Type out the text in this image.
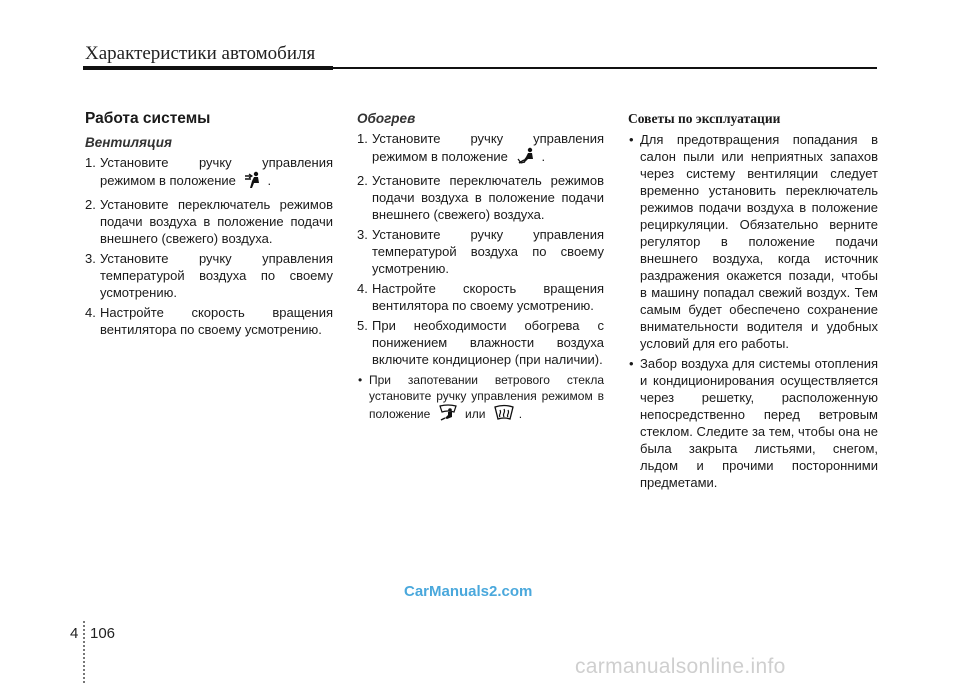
Характеристики автомобиля
Работа системы
Вентиляция
1. Установите ручку управления режимом в положение .
2. Установите переключатель режимов подачи воздуха в положение подачи внешнего (свежего) воздуха.
3. Установите ручку управления температурой воздуха по своему усмотрению.
4. Настройте скорость вращения вентилятора по своему усмотрению.
Обогрев
1. Установите ручку управления режимом в положение	.
2. Установите переключатель режимов подачи воздуха в положение подачи внешнего (свежего) воздуха.
3. Установите ручку управления температурой воздуха по своему усмотрению.
4. Настройте скорость вращения вентилятора по своему усмотрению.
5. При необходимости обогрева с понижением влажности воздуха включите кондиционер (при наличии).
• При запотевании ветрового стекла установите ручку управления режимом в положение	или	.
Советы по эксплуатации
• Для предотвращения попадания в салон пыли или неприятных запахов через систему вентиляции следует временно установить переключатель режимов подачи воздуха в положение рециркуляции. Обязательно верните регулятор в положение подачи внешнего воздуха, когда источник раздражения окажется позади, чтобы в машину попадал свежий воздух. Тем самым будет обеспечено сохранение внимательности водителя и удобных условий для его работы.
• Забор воздуха для системы отопления и кондиционирования осуществляется через решетку, расположенную непосредственно перед ветровым стеклом. Следите за тем, чтобы она не была закрыта листьями, снегом, льдом и прочими посторонними предметами.
CarManuals2.com
4 106
carmanualsonline.info
